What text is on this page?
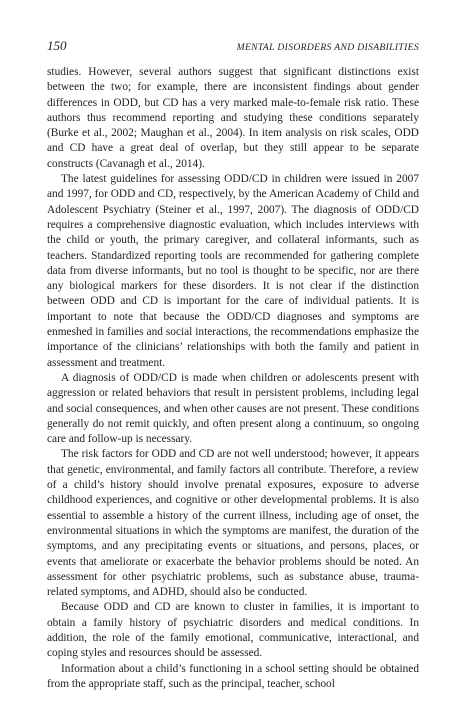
150	MENTAL DISORDERS AND DISABILITIES

studies. However, several authors suggest that significant distinctions exist between the two; for example, there are inconsistent findings about gender differences in ODD, but CD has a very marked male-to-female risk ratio. These authors thus recommend reporting and studying these conditions separately (Burke et al., 2002; Maughan et al., 2004). In item analysis on risk scales, ODD and CD have a great deal of overlap, but they still appear to be separate constructs (Cavanagh et al., 2014).

The latest guidelines for assessing ODD/CD in children were issued in 2007 and 1997, for ODD and CD, respectively, by the American Academy of Child and Adolescent Psychiatry (Steiner et al., 1997, 2007). The diagnosis of ODD/CD requires a comprehensive diagnostic evaluation, which includes interviews with the child or youth, the primary caregiver, and collateral informants, such as teachers. Standardized reporting tools are recommended for gathering complete data from diverse informants, but no tool is thought to be specific, nor are there any biological markers for these disorders. It is not clear if the distinction between ODD and CD is important for the care of individual patients. It is important to note that because the ODD/CD diagnoses and symptoms are enmeshed in families and social interactions, the recommendations emphasize the importance of the clinicians’ relationships with both the family and patient in assessment and treatment.

A diagnosis of ODD/CD is made when children or adolescents present with aggression or related behaviors that result in persistent problems, including legal and social consequences, and when other causes are not present. These conditions generally do not remit quickly, and often present along a continuum, so ongoing care and follow-up is necessary.

The risk factors for ODD and CD are not well understood; however, it appears that genetic, environmental, and family factors all contribute. Therefore, a review of a child’s history should involve prenatal exposures, exposure to adverse childhood experiences, and cognitive or other developmental problems. It is also essential to assemble a history of the current illness, including age of onset, the environmental situations in which the symptoms are manifest, the duration of the symptoms, and any precipitating events or situations, and persons, places, or events that ameliorate or exacerbate the behavior problems should be noted. An assessment for other psychiatric problems, such as substance abuse, trauma-related symptoms, and ADHD, should also be conducted.

Because ODD and CD are known to cluster in families, it is important to obtain a family history of psychiatric disorders and medical conditions. In addition, the role of the family emotional, communicative, interactional, and coping styles and resources should be assessed.

Information about a child’s functioning in a school setting should be obtained from the appropriate staff, such as the principal, teacher, school
